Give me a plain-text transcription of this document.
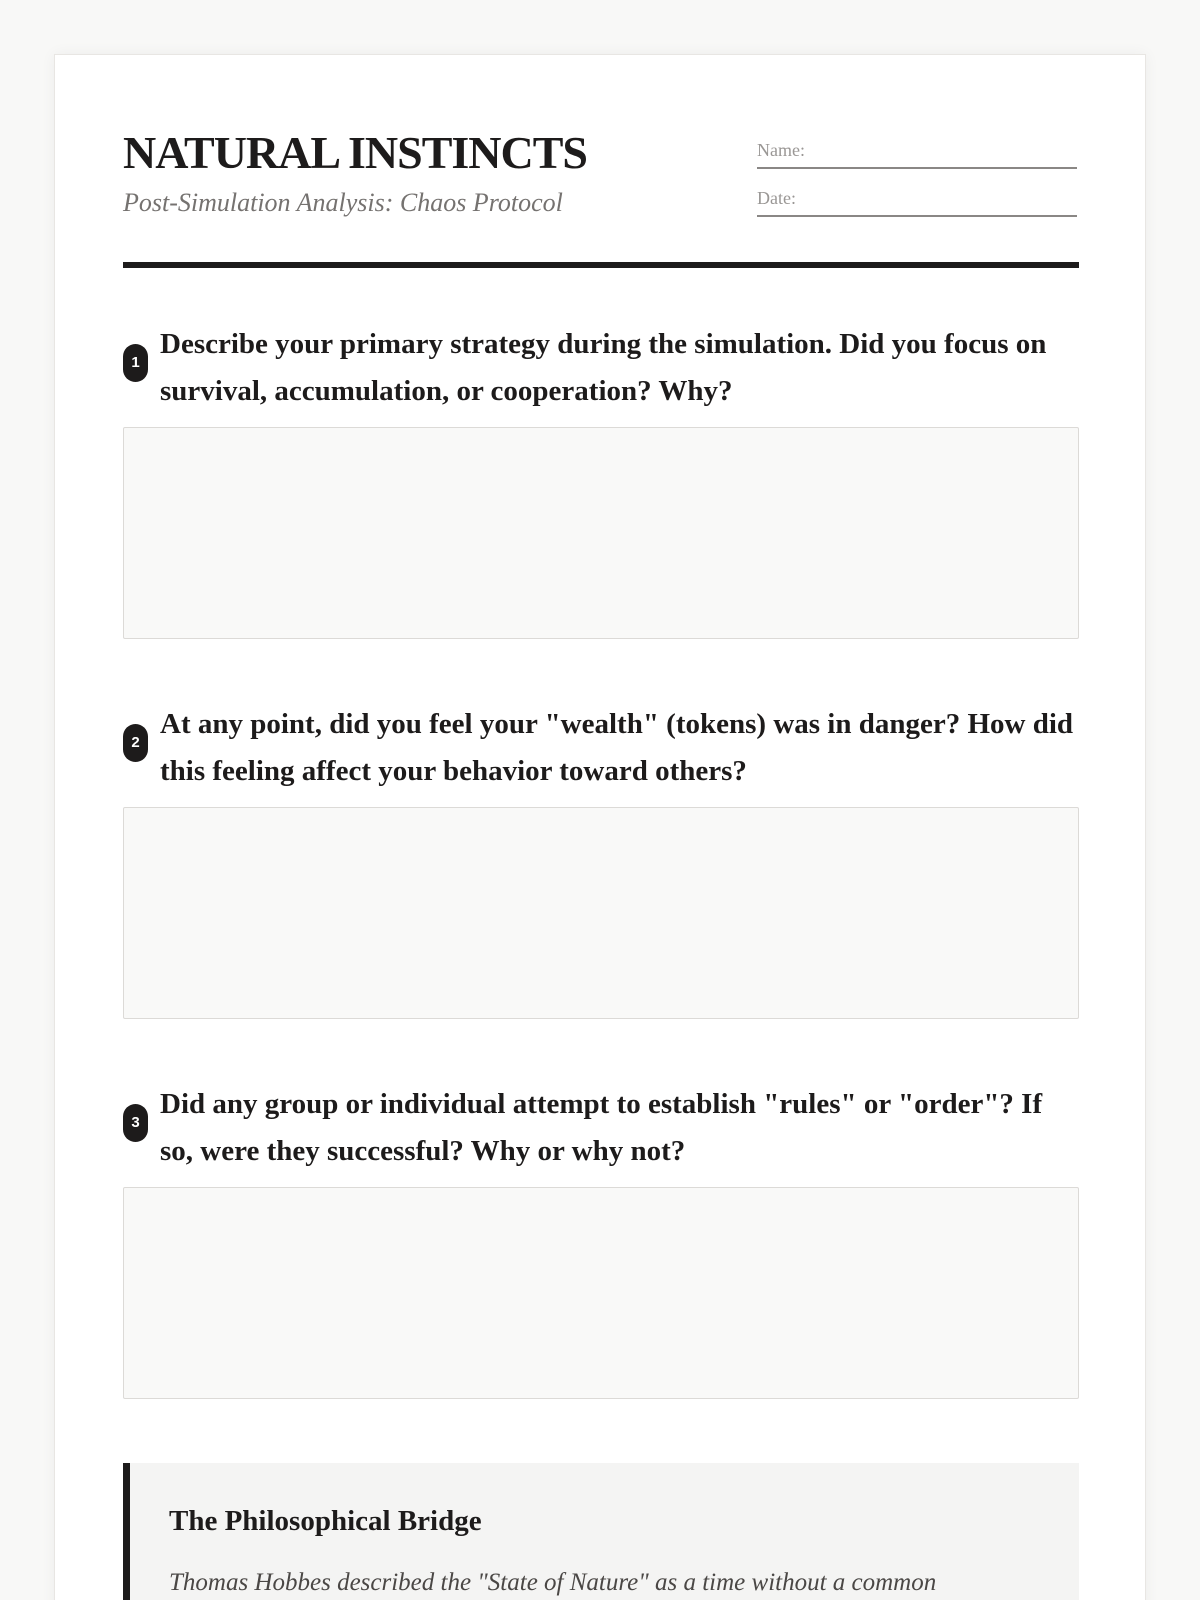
NATURAL INSTINCTS

Post-Simulation Analysis: Chaos Protocol

Name:
Date:
1

Describe your primary strategy during the simulation. Did you focus on survival, accumulation, or cooperation? Why?

2

At any point, did you feel your "wealth" (tokens) was in danger? How did this feeling affect your behavior toward others?

3

Did any group or individual attempt to establish "rules" or "order"? If so, were they successful? Why or why not?

The Philosophical Bridge

Thomas Hobbes described the "State of Nature" as a time without a common
